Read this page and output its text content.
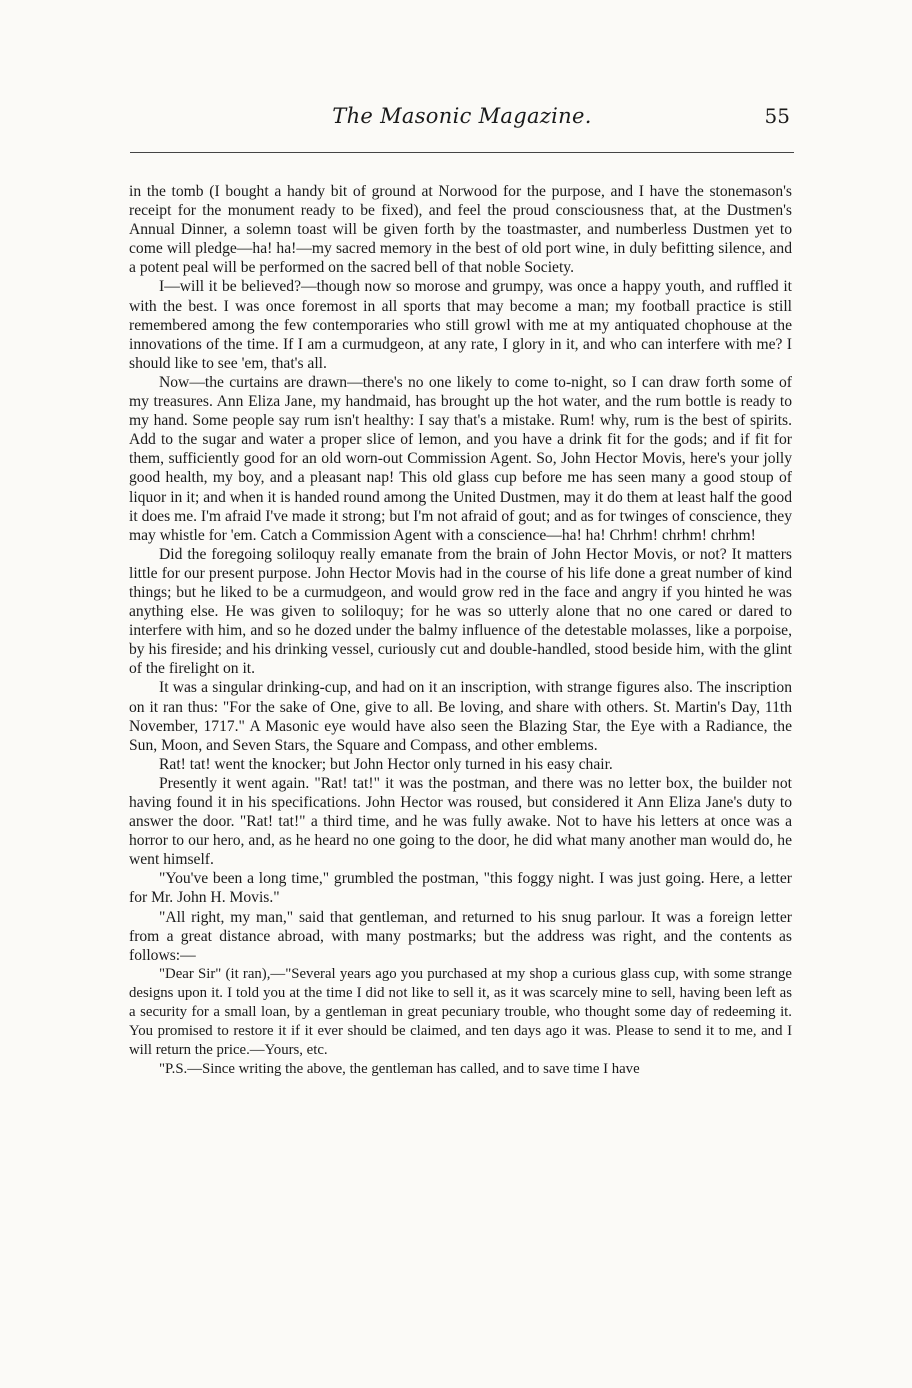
The Masonic Magazine.	55

in the tomb (I bought a handy bit of ground at Norwood for the purpose, and I have the stonemason's receipt for the monument ready to be fixed), and feel the proud consciousness that, at the Dustmen's Annual Dinner, a solemn toast will be given forth by the toastmaster, and numberless Dustmen yet to come will pledge—ha! ha!—my sacred memory in the best of old port wine, in duly befitting silence, and a potent peal will be performed on the sacred bell of that noble Society.

I—will it be believed?—though now so morose and grumpy, was once a happy youth, and ruffled it with the best. I was once foremost in all sports that may become a man; my football practice is still remembered among the few contemporaries who still growl with me at my antiquated chophouse at the innovations of the time. If I am a curmudgeon, at any rate, I glory in it, and who can interfere with me? I should like to see 'em, that's all.

Now—the curtains are drawn—there's no one likely to come to-night, so I can draw forth some of my treasures. Ann Eliza Jane, my handmaid, has brought up the hot water, and the rum bottle is ready to my hand. Some people say rum isn't healthy: I say that's a mistake. Rum! why, rum is the best of spirits. Add to the sugar and water a proper slice of lemon, and you have a drink fit for the gods; and if fit for them, sufficiently good for an old worn-out Commission Agent. So, John Hector Movis, here's your jolly good health, my boy, and a pleasant nap! This old glass cup before me has seen many a good stoup of liquor in it; and when it is handed round among the United Dustmen, may it do them at least half the good it does me. I'm afraid I've made it strong; but I'm not afraid of gout; and as for twinges of conscience, they may whistle for 'em. Catch a Commission Agent with a conscience—ha! ha! Chrhm! chrhm! chrhm!

Did the foregoing soliloquy really emanate from the brain of John Hector Movis, or not? It matters little for our present purpose. John Hector Movis had in the course of his life done a great number of kind things; but he liked to be a curmudgeon, and would grow red in the face and angry if you hinted he was anything else. He was given to soliloquy; for he was so utterly alone that no one cared or dared to interfere with him, and so he dozed under the balmy influence of the detestable molasses, like a porpoise, by his fireside; and his drinking vessel, curiously cut and double-handled, stood beside him, with the glint of the firelight on it.

It was a singular drinking-cup, and had on it an inscription, with strange figures also. The inscription on it ran thus: "For the sake of One, give to all. Be loving, and share with others. St. Martin's Day, 11th November, 1717." A Masonic eye would have also seen the Blazing Star, the Eye with a Radiance, the Sun, Moon, and Seven Stars, the Square and Compass, and other emblems.

Rat! tat! went the knocker; but John Hector only turned in his easy chair.

Presently it went again. "Rat! tat!" it was the postman, and there was no letter box, the builder not having found it in his specifications. John Hector was roused, but considered it Ann Eliza Jane's duty to answer the door. "Rat! tat!" a third time, and he was fully awake. Not to have his letters at once was a horror to our hero, and, as he heard no one going to the door, he did what many another man would do, he went himself.

"You've been a long time," grumbled the postman, "this foggy night. I was just going. Here, a letter for Mr. John H. Movis."

"All right, my man," said that gentleman, and returned to his snug parlour. It was a foreign letter from a great distance abroad, with many postmarks; but the address was right, and the contents as follows:—

"Dear Sir" (it ran),—"Several years ago you purchased at my shop a curious glass cup, with some strange designs upon it. I told you at the time I did not like to sell it, as it was scarcely mine to sell, having been left as a security for a small loan, by a gentleman in great pecuniary trouble, who thought some day of redeeming it. You promised to restore it if it ever should be claimed, and ten days ago it was. Please to send it to me, and I will return the price.—Yours, etc.

"P.S.—Since writing the above, the gentleman has called, and to save time I have
